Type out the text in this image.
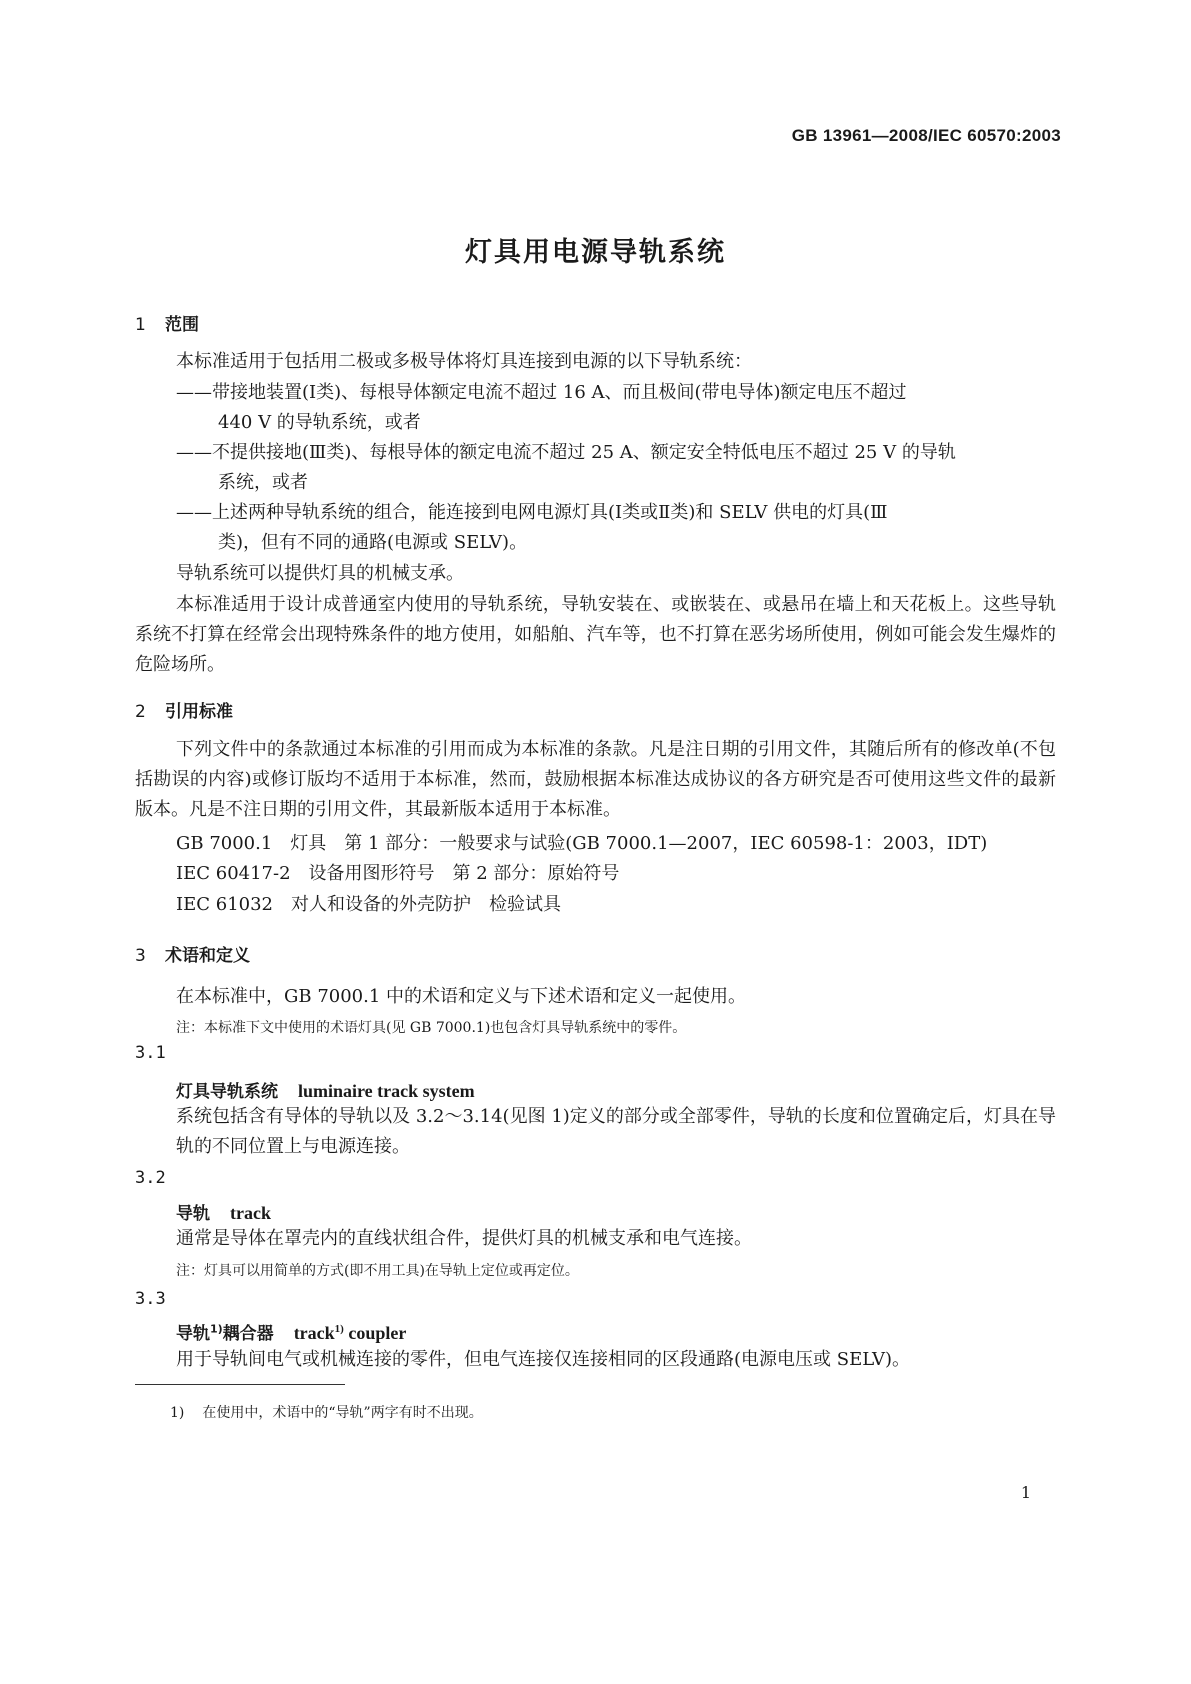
GB 13961—2008/IEC 60570:2003
灯具用电源导轨系统
1 范围
本标准适用于包括用二极或多极导体将灯具连接到电源的以下导轨系统：
——带接地装置(Ⅰ类)、每根导体额定电流不超过 16 A、而且极间(带电导体)额定电压不超过
440 V 的导轨系统，或者
——不提供接地(Ⅲ类)、每根导体的额定电流不超过 25 A、额定安全特低电压不超过 25 V 的导轨
系统，或者
——上述两种导轨系统的组合，能连接到电网电源灯具(Ⅰ类或Ⅱ类)和 SELV 供电的灯具(Ⅲ
类)，但有不同的通路(电源或 SELV)。
导轨系统可以提供灯具的机械支承。
本标准适用于设计成普通室内使用的导轨系统，导轨安装在、或嵌装在、或悬吊在墙上和天花板上。这些导轨系统不打算在经常会出现特殊条件的地方使用，如船舶、汽车等，也不打算在恶劣场所使用，例如可能会发生爆炸的危险场所。
2 引用标准
下列文件中的条款通过本标准的引用而成为本标准的条款。凡是注日期的引用文件，其随后所有的修改单(不包括勘误的内容)或修订版均不适用于本标准，然而，鼓励根据本标准达成协议的各方研究是否可使用这些文件的最新版本。凡是不注日期的引用文件，其最新版本适用于本标准。
GB 7000.1　灯具　第 1 部分：一般要求与试验(GB 7000.1—2007，IEC 60598-1：2003，IDT)
IEC 60417-2　设备用图形符号　第 2 部分：原始符号
IEC 61032　对人和设备的外壳防护　检验试具
3 术语和定义
在本标准中，GB 7000.1 中的术语和定义与下述术语和定义一起使用。
注：本标准下文中使用的术语灯具(见 GB 7000.1)也包含灯具导轨系统中的零件。
3.1
灯具导轨系统 luminaire track system
系统包括含有导体的导轨以及 3.2～3.14(见图 1)定义的部分或全部零件，导轨的长度和位置确定后，灯具在导轨的不同位置上与电源连接。
3.2
导轨 track
通常是导体在罩壳内的直线状组合件，提供灯具的机械支承和电气连接。
注：灯具可以用简单的方式(即不用工具)在导轨上定位或再定位。
3.3
导轨$^{1)}$耦合器 track$^{1)}$ coupler
用于导轨间电气或机械连接的零件，但电气连接仅连接相同的区段通路(电源电压或 SELV)。
1) 在使用中，术语中的“导轨”两字有时不出现。
1
